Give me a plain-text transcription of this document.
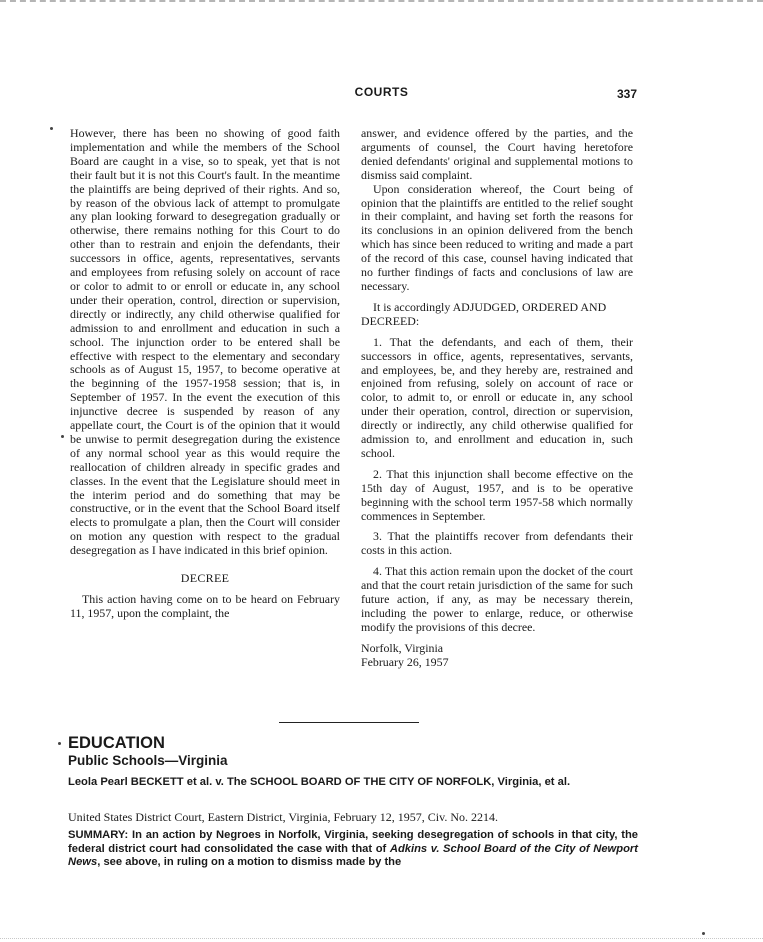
COURTS	337

However, there has been no showing of good faith implementation and while the members of the School Board are caught in a vise, so to speak, yet that is not their fault but it is not this Court's fault. In the meantime the plaintiffs are being deprived of their rights. And so, by reason of the obvious lack of attempt to promulgate any plan looking forward to desegregation gradually or otherwise, there remains nothing for this Court to do other than to restrain and enjoin the defendants, their successors in office, agents, representatives, servants and employees from refusing solely on account of race or color to admit to or enroll or educate in, any school under their operation, control, direction or supervision, directly or indirectly, any child otherwise qualified for admission to and enrollment and education in such a school. The injunction order to be entered shall be effective with respect to the elementary and secondary schools as of August 15, 1957, to become operative at the beginning of the 1957-1958 session; that is, in September of 1957. In the event the execution of this injunctive decree is suspended by reason of any appellate court, the Court is of the opinion that it would be unwise to permit desegregation during the existence of any normal school year as this would require the reallocation of children already in specific grades and classes. In the event that the Legislature should meet in the interim period and do something that may be constructive, or in the event that the School Board itself elects to promulgate a plan, then the Court will consider on motion any question with respect to the gradual desegregation as I have indicated in this brief opinion.

DECREE

This action having come on to be heard on February 11, 1957, upon the complaint, the

answer, and evidence offered by the parties, and the arguments of counsel, the Court having heretofore denied defendants' original and supplemental motions to dismiss said complaint.

Upon consideration whereof, the Court being of opinion that the plaintiffs are entitled to the relief sought in their complaint, and having set forth the reasons for its conclusions in an opinion delivered from the bench which has since been reduced to writing and made a part of the record of this case, counsel having indicated that no further findings of facts and conclusions of law are necessary.

It is accordingly ADJUDGED, ORDERED AND DECREED:

1. That the defendants, and each of them, their successors in office, agents, representatives, servants, and employees, be, and they hereby are, restrained and enjoined from refusing, solely on account of race or color, to admit to, or enroll or educate in, any school under their operation, control, direction or supervision, directly or indirectly, any child otherwise qualified for admission to, and enrollment and education in, such school.

2. That this injunction shall become effective on the 15th day of August, 1957, and is to be operative beginning with the school term 1957-58 which normally commences in September.

3. That the plaintiffs recover from defendants their costs in this action.

4. That this action remain upon the docket of the court and that the court retain jurisdiction of the same for such future action, if any, as may be necessary therein, including the power to enlarge, reduce, or otherwise modify the provisions of this decree.

Norfolk, Virginia

February 26, 1957

EDUCATION
Public Schools—Virginia
Leola Pearl BECKETT et al. v. The SCHOOL BOARD OF THE CITY OF NORFOLK, Virginia, et al.
United States District Court, Eastern District, Virginia, February 12, 1957, Civ. No. 2214.
SUMMARY: In an action by Negroes in Norfolk, Virginia, seeking desegregation of schools in that city, the federal district court had consolidated the case with that of Adkins v. School Board of the City of Newport News, see above, in ruling on a motion to dismiss made by the
